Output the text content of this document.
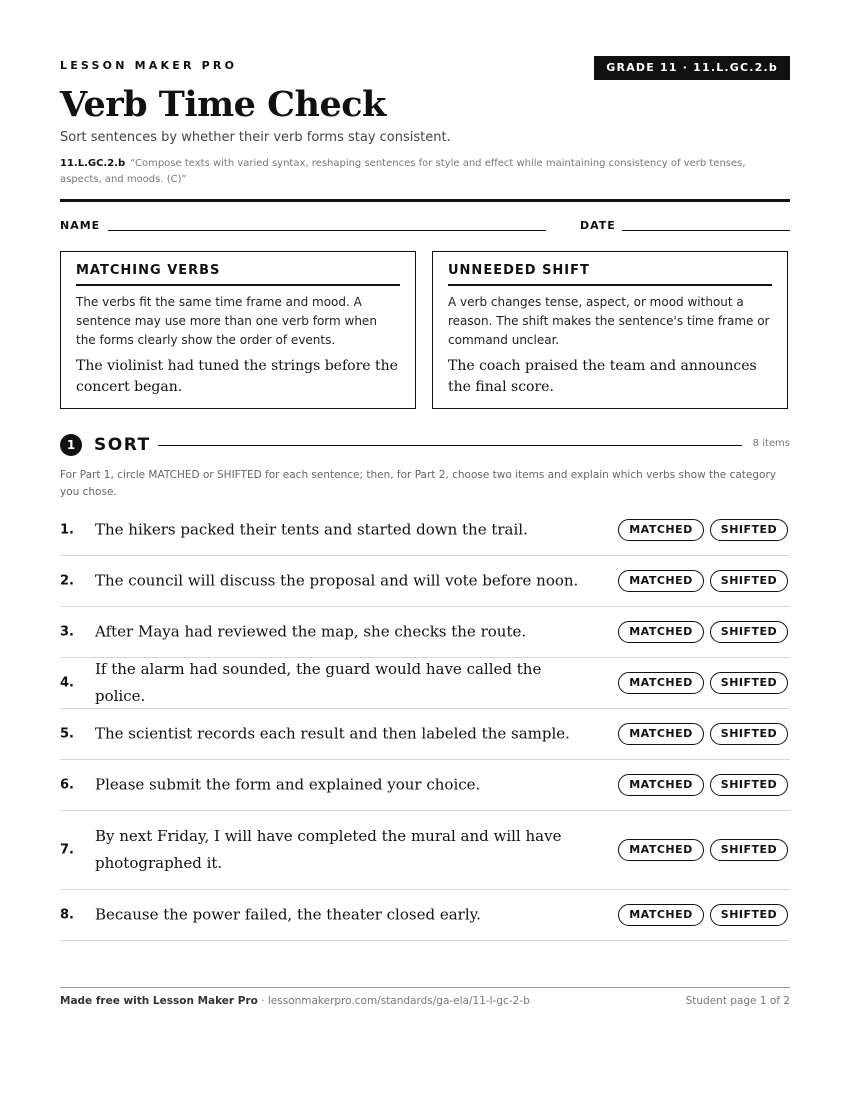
LESSON MAKER PRO	GRADE 11 · 11.L.GC.2.b
Verb Time Check
Sort sentences by whether their verb forms stay consistent.
11.L.GC.2.b “Compose texts with varied syntax, reshaping sentences for style and effect while maintaining consistency of verb tenses, aspects, and moods. (C)”
NAME	DATE
MATCHING VERBS
The verbs fit the same time frame and mood. A sentence may use more than one verb form when the forms clearly show the order of events.
The violinist had tuned the strings before the concert began.
UNNEEDED SHIFT
A verb changes tense, aspect, or mood without a reason. The shift makes the sentence's time frame or command unclear.
The coach praised the team and announces the final score.
1	SORT	8 items
For Part 1, circle MATCHED or SHIFTED for each sentence; then, for Part 2, choose two items and explain which verbs show the category you chose.
1. The hikers packed their tents and started down the trail.	MATCHED	SHIFTED
2. The council will discuss the proposal and will vote before noon.	MATCHED	SHIFTED
3. After Maya had reviewed the map, she checks the route.	MATCHED	SHIFTED
4.
If the alarm had sounded, the guard would have called the police.
MATCHED	SHIFTED
5. The scientist records each result and then labeled the sample.	MATCHED	SHIFTED
6. Please submit the form and explained your choice.	MATCHED	SHIFTED
7.
By next Friday, I will have completed the mural and will have photographed it.
MATCHED	SHIFTED
8. Because the power failed, the theater closed early.	MATCHED	SHIFTED
Made free with Lesson Maker Pro · lessonmakerpro.com/standards/ga-ela/11-l-gc-2-b	Student page 1 of 2
